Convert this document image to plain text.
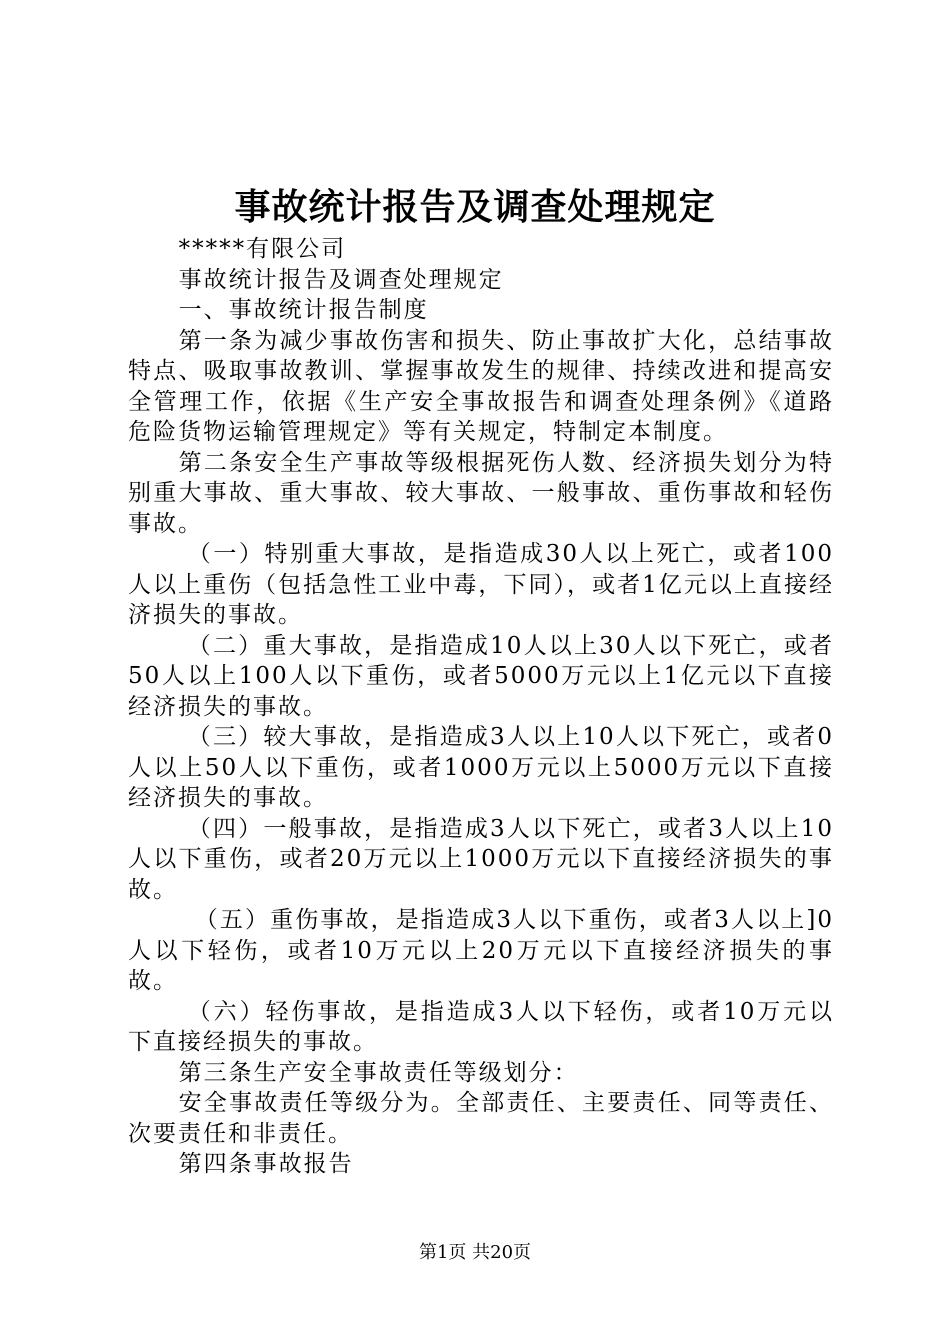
事故统计报告及调查处理规定

*****有限公司

事故统计报告及调查处理规定

一、事故统计报告制度

第一条为减少事故伤害和损失、防止事故扩大化，总结事故特点、吸取事故教训、掌握事故发生的规律、持续改进和提高安全管理工作，依据《生产安全事故报告和调查处理条例》《道路危险货物运输管理规定》等有关规定，特制定本制度。

第二条安全生产事故等级根据死伤人数、经济损失划分为特别重大事故、重大事故、较大事故、一般事故、重伤事故和轻伤事故。

（一）特别重大事故，是指造成30人以上死亡，或者100人以上重伤（包括急性工业中毒，下同），或者1亿元以上直接经济损失的事故。

（二）重大事故，是指造成10人以上30人以下死亡，或者50人以上100人以下重伤，或者5000万元以上1亿元以下直接经济损失的事故。

（三）较大事故，是指造成3人以上10人以下死亡，或者0人以上50人以下重伤，或者1000万元以上5000万元以下直接经济损失的事故。

（四）一般事故，是指造成3人以下死亡，或者3人以上10人以下重伤，或者20万元以上1000万元以下直接经济损失的事故。

（五）重伤事故，是指造成3人以下重伤，或者3人以上]0人以下轻伤，或者10万元以上20万元以下直接经济损失的事故。

（六）轻伤事故，是指造成3人以下轻伤，或者10万元以下直接经损失的事故。

第三条生产安全事故责任等级划分：

安全事故责任等级分为。全部责任、主要责任、同等责任、次要责任和非责任。

第四条事故报告

第1页 共20页
